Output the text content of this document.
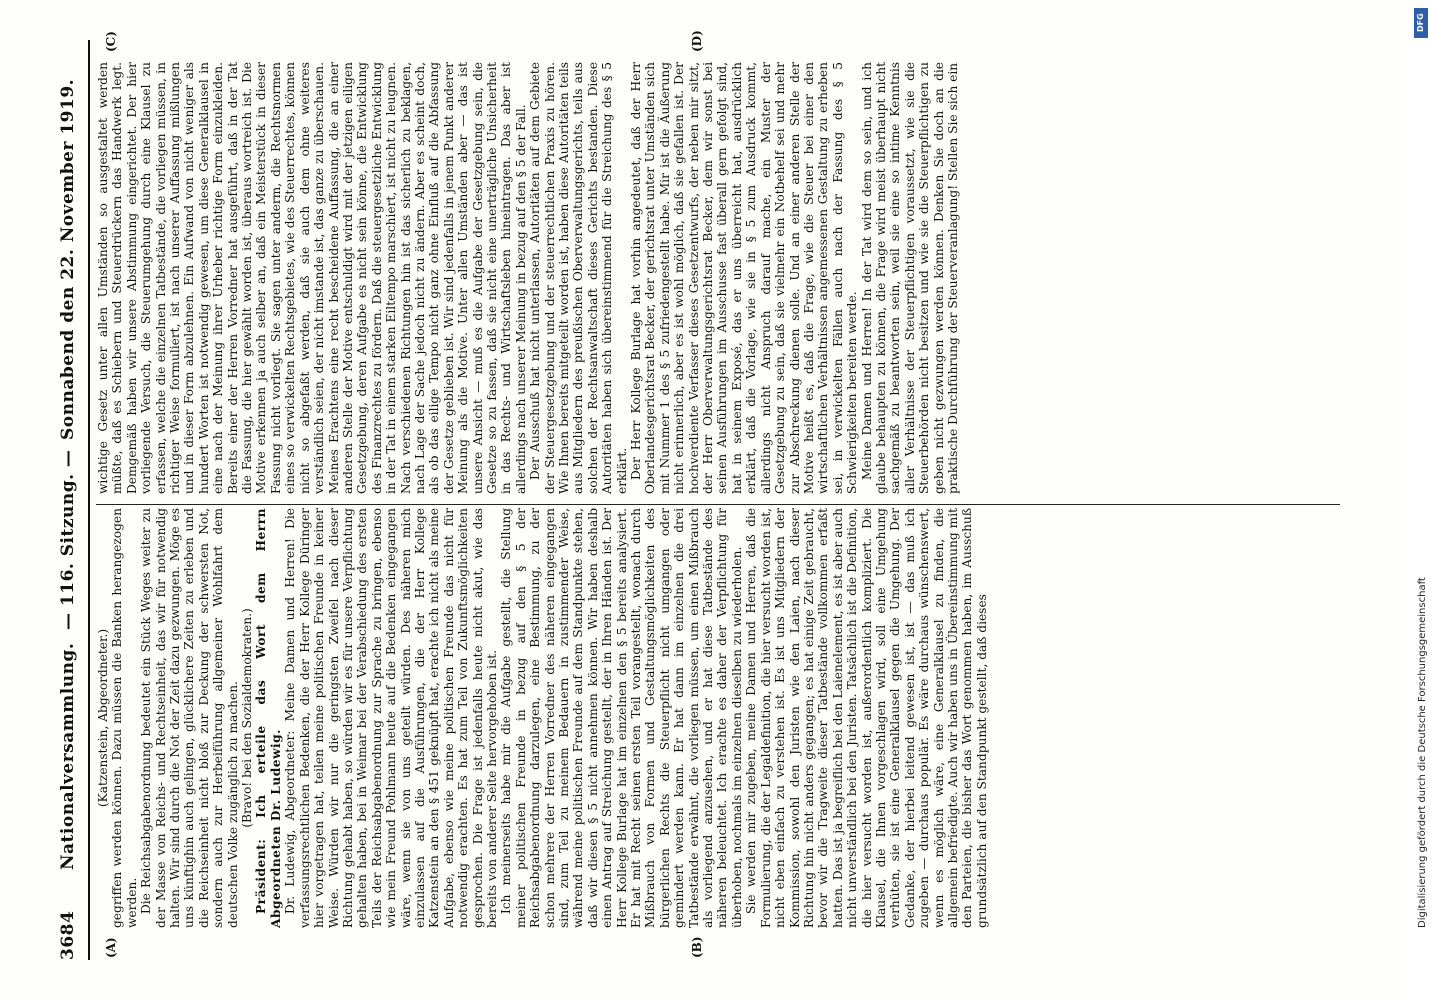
3684
Nationalversammlung.
— 116. Sitzung. —
Sonnabend den 22. November 1919.
(A)	(B)
(C)	(D)

(Katzenstein, Abgeordneter.) gegriffen werden können. Dazu müssen die Banken herangezogen werden. Die Reichsabgabenordnung bedeutet ein Stück Weges weiter zu der Masse von Reichs- und Rechtseinheit, das wir für notwendig halten. Wir sind durch die Not der Zeit dazu gezwungen. Möge es uns künftighin auch gelingen, glücklichere Zeiten zu erleben und die Reichseinheit nicht bloß zur Deckung der schwersten Not, sondern auch zur Herbeiführung allgemeiner Wohlfahrt dem deutschen Volke zugänglich zu machen. (Bravo! bei den Sozialdemokraten.) Präsident: Ich erteile das Wort dem Herrn Abgeordneten Dr. Ludewig. Dr. Ludewig, Abgeordneter: Meine Damen und Herren! Die verfassungsrechtlichen Bedenken, die der Herr Kollege Düringer hier vorgetragen hat, teilen meine politischen Freunde in keiner Weise. Würden wir nur die geringsten Zweifel nach dieser Richtung gehabt haben, so würden wir es für unsere Verpflichtung gehalten haben, bei in Weimar bei der Verabschiedung des ersten Teils der Reichsabgabenordnung zur Sprache zu bringen, ebenso wie mein Freund Pohlmann heute auf die Bedenken eingegangen wäre, wenn sie von uns geteilt würden. Des näheren mich einzulassen auf die Ausführungen, die der Herr Kollege Katzenstein an den § 451 geknüpft hat, erachte ich nicht als meine Aufgabe, ebenso wie meine politischen Freunde das nicht für notwendig erachten. Es hat zum Teil von Zukunftsmöglichkeiten gesprochen. Die Frage ist jedenfalls heute nicht akut, wie das bereits von anderer Seite hervorgehoben ist. Ich meinerseits habe mir die Aufgabe gestellt, die Stellung meiner politischen Freunde in bezug auf den § 5 der Reichsabgabenordnung darzulegen, eine Bestimmung, zu der schon mehrere der Herren Vorredner des näheren eingegangen sind, zum Teil zu meinem Bedauern in zustimmender Weise, während meine politischen Freunde auf dem Standpunkte stehen, daß wir diesen § 5 nicht annehmen können. Wir haben deshalb einen Antrag auf Streichung gestellt, der in Ihren Händen ist. Der Herr Kollege Burlage hat im einzelnen den § 5 bereits analysiert. Er hat mit Recht seinen ersten Teil vorangestellt, wonach durch Mißbrauch von Formen und Gestaltungsmöglichkeiten des bürgerlichen Rechts die Steuerpflicht nicht umgangen oder gemindert werden kann. Er hat dann im einzelnen die drei Tatbestände erwähnt, die vorliegen müssen, um einen Mißbrauch als vorliegend anzusehen, und er hat diese Tatbestände des näheren beleuchtet. Ich erachte es daher der Verpflichtung für überhoben, nochmals im einzelnen dieselben zu wiederholen. Sie werden mir zugeben, meine Damen und Herren, daß die Formulierung, die der Legaldefinition, die hier versucht worden ist, nicht eben einfach zu verstehen ist. Es ist uns Mitgliedern der Kommission, sowohl den Juristen wie den Laien, nach dieser Richtung hin nicht anders gegangen; es hat einige Zeit gebraucht, bevor wir die Tragweite dieser Tatbestände vollkommen erfaßt hatten. Das ist ja begreiflich bei den Laienelement, es ist aber auch nicht unverständlich bei den Juristen. Tatsächlich ist die Definition, die hier versucht worden ist, außerordentlich kompliziert. Die Klausel, die Ihnen vorgeschlagen wird, soll eine Umgehung verhüten, sie ist eine Generalklausel gegen die Umgehung. Der Gedanke, der hierbei leitend gewesen ist, ist — das muß ich zugeben — durchaus populär. Es wäre durchaus wünschenswert, wenn es möglich wäre, eine Generalklausel zu finden, die allgemein befriedigte. Auch wir haben uns in Übereinstimmung mit den Parteien, die bisher das Wort genommen haben, im Ausschuß grundsätzlich auf den Standpunkt gestellt, daß dieses

wichtige Gesetz unter allen Umständen so ausgestaltet werden müßte, daß es Schiebern und Steuerdrückern das Handwerk legt. Demgemäß haben wir unsere Abstimmung eingerichtet. Der hier vorliegende Versuch, die Steuerumgehung durch eine Klausel zu erfassen, welche die einzelnen Tatbestände, die vorliegen müssen, in richtiger Weise formuliert, ist nach unserer Auffassung mißlungen und in dieser Form abzulehnen. Ein Aufwand von nicht weniger als hundert Worten ist notwendig gewesen, um diese Generalklausel in eine nach der Meinung ihrer Urheber richtige Form einzukleiden. Bereits einer der Herren Vorredner hat ausgeführt, daß in der Tat die Fassung, die hier gewählt worden ist, überaus wortreich ist. Die Motive erkennen ja auch selber an, daß ein Meisterstück in dieser Fassung nicht vorliegt. Sie sagen unter anderm, die Rechtsnormen eines so verwickelten Rechtsgebietes, wie des Steuerrechtes, können nicht so abgefaßt werden, daß sie auch dem ohne weiteres verständlich seien, der nicht imstande ist, das ganze zu überschauen. Meines Erachtens eine recht bescheidene Auffassung, die an einer anderen Stelle der Motive entschuldigt wird mit der jetzigen eiligen Gesetzgebung, deren Aufgabe es nicht sein könne, die Entwicklung des Finanzrechtes zu fördern. Daß die steuergesetzliche Entwicklung in der Tat in einem starken Eiltempo marschiert, ist nicht zu leugnen. Nach verschiedenen Richtungen hin ist das sicherlich zu beklagen, nach Lage der Sache jedoch nicht zu ändern. Aber es scheint doch, als ob das eilige Tempo nicht ganz ohne Einfluß auf die Abfassung der Gesetze geblieben ist. Wir sind jedenfalls in jenem Punkt anderer Meinung als die Motive. Unter allen Umständen aber — das ist unsere Ansicht — muß es die Aufgabe der Gesetzgebung sein, die Gesetze so zu fassen, daß sie nicht eine unerträgliche Unsicherheit in das Rechts- und Wirtschaftsleben hineintragen. Das aber ist allerdings nach unserer Meinung in bezug auf den § 5 der Fall. Der Ausschuß hat nicht unterlassen, Autoritäten auf dem Gebiete der Steuergesetzgebung und der steuerrechtlichen Praxis zu hören. Wie Ihnen bereits mitgeteilt worden ist, haben diese Autoritäten teils aus Mitgliedern des preußischen Oberverwaltungsgerichts, teils aus solchen der Rechtsanwaltschaft dieses Gerichts bestanden. Diese Autoritäten haben sich übereinstimmend für die Streichung des § 5 erklärt. Der Herr Kollege Burlage hat vorhin angedeutet, daß der Herr Oberlandesgerichtsrat Becker, der gerichtsrat unter Umständen sich mit Nummer 1 des § 5 zufriedengestellt habe. Mir ist die Äußerung nicht erinnerlich, aber es ist wohl möglich, daß sie gefallen ist. Der hochverdiente Verfasser dieses Gesetzentwurfs, der neben mir sitzt, der Herr Oberverwaltungsgerichtsrat Becker, dem wir sonst bei seinen Ausführungen im Ausschusse fast überall gern gefolgt sind, hat in seinem Exposé, das er uns überreicht hat, ausdrücklich erklärt, daß die Vorlage, wie sie in § 5 zum Ausdruck kommt, allerdings nicht Anspruch darauf mache, ein Muster der Gesetzgebung zu sein, daß sie vielmehr ein Notbehelf sei und mehr zur Abschreckung dienen solle. Und an einer anderen Stelle der Motive heißt es, daß die Frage, wie die Steuer bei einer den wirtschaftlichen Verhältnissen angemessenen Gestaltung zu erheben sei, in verwickelten Fällen auch nach der Fassung des § 5 Schwierigkeiten bereiten werde. Meine Damen und Herren! In der Tat wird dem so sein, und ich glaube behaupten zu können, die Frage wird meist überhaupt nicht sachgemäß zu beantworten sein, weil sie eine so intime Kenntnis aller Verhältnisse der Steuerpflichtigen voraussetzt, wie sie die Steuerbehörden nicht besitzen und wie sie die Steuerpflichtigen zu geben nicht gezwungen werden können. Denken Sie doch an die praktische Durchführung der Steuerveranlagung! Stellen Sie sich ein

Digitalisierung gefördert durch die Deutsche Forschungsgemeinschaft
DFG
